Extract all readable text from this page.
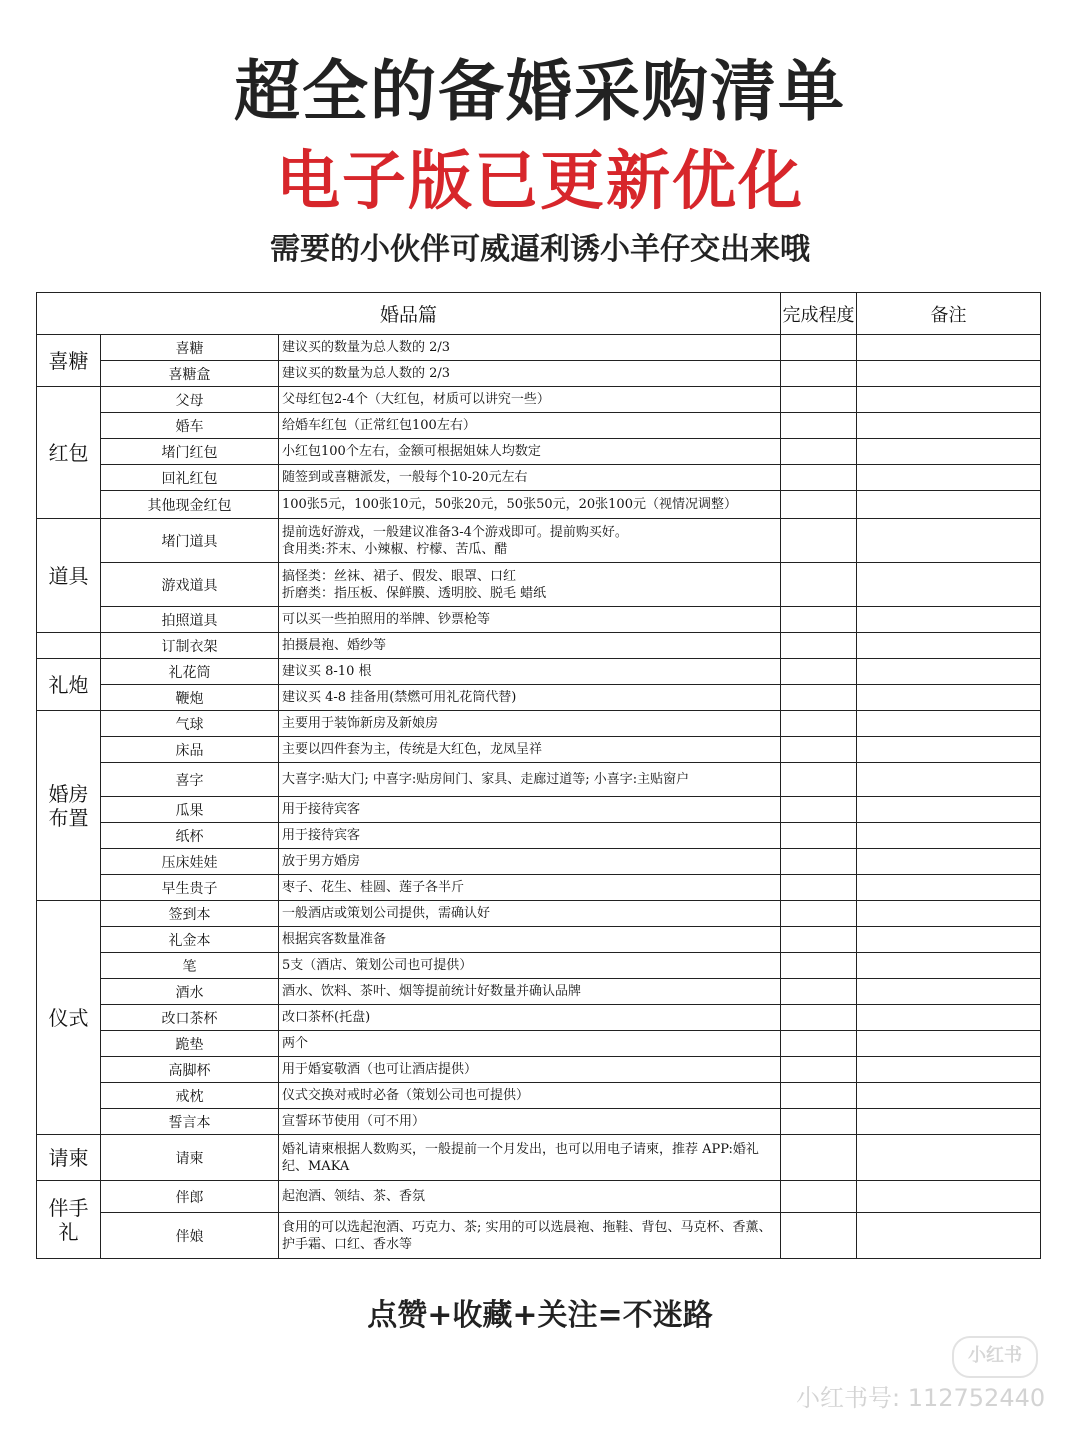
超全的备婚采购清单
电子版已更新优化
需要的小伙伴可威逼利诱小羊仔交出来哦
婚品篇			完成程度	备注
喜糖	喜糖	建议买的数量为总人数的 2/3		
	喜糖盒	建议买的数量为总人数的 2/3		
红包	父母	父母红包2-4个（大红包，材质可以讲究一些）		
	婚车	给婚车红包（正常红包100左右）		
	堵门红包	小红包100个左右，金额可根据姐妹人均数定		
	回礼红包	随签到或喜糖派发，一般每个10-20元左右		
	其他现金红包	100张5元，100张10元，50张20元，50张50元，20张100元（视情况调整）		
道具	堵门道具	提前选好游戏，一般建议准备3-4个游戏即可。提前购买好。
食用类:芥末、小辣椒、柠檬、苦瓜、醋		
	游戏道具	搞怪类：丝袜、裙子、假发、眼罩、口红
折磨类：指压板、保鲜膜、透明胶、脱毛 蜡纸		
	拍照道具	可以买一些拍照用的举牌、钞票枪等		
	订制衣架	拍摄晨袍、婚纱等		
礼炮	礼花筒	建议买 8-10 根		
	鞭炮	建议买 4-8 挂备用(禁燃可用礼花筒代替)		
婚房
布置	气球	主要用于装饰新房及新娘房		
	床品	主要以四件套为主，传统是大红色，龙凤呈祥		
	喜字	大喜字:贴大门; 中喜字:贴房间门、家具、走廊过道等; 小喜字:主贴窗户		
	瓜果	用于接待宾客		
	纸杯	用于接待宾客		
	压床娃娃	放于男方婚房		
	早生贵子	枣子、花生、桂圆、莲子各半斤		
仪式	签到本	一般酒店或策划公司提供，需确认好		
	礼金本	根据宾客数量准备		
	笔	5支（酒店、策划公司也可提供）		
	酒水	酒水、饮料、茶叶、烟等提前统计好数量并确认品牌		
	改口茶杯	改口茶杯(托盘)		
	跪垫	两个		
	高脚杯	用于婚宴敬酒（也可让酒店提供）		
	戒枕	仪式交换对戒时必备（策划公司也可提供）		
	誓言本	宣誓环节使用（可不用）		
请柬	请柬	婚礼请柬根据人数购买，一般提前一个月发出，也可以用电子请柬，推荐 APP:婚礼纪、MAKA		
伴手
礼	伴郎	起泡酒、领结、茶、香氛		
	伴娘	食用的可以选起泡酒、巧克力、茶; 实用的可以选晨袍、拖鞋、背包、马克杯、香薰、护手霜、口红、香水等		
点赞+收藏+关注=不迷路
小红书
小红书号: 112752440
